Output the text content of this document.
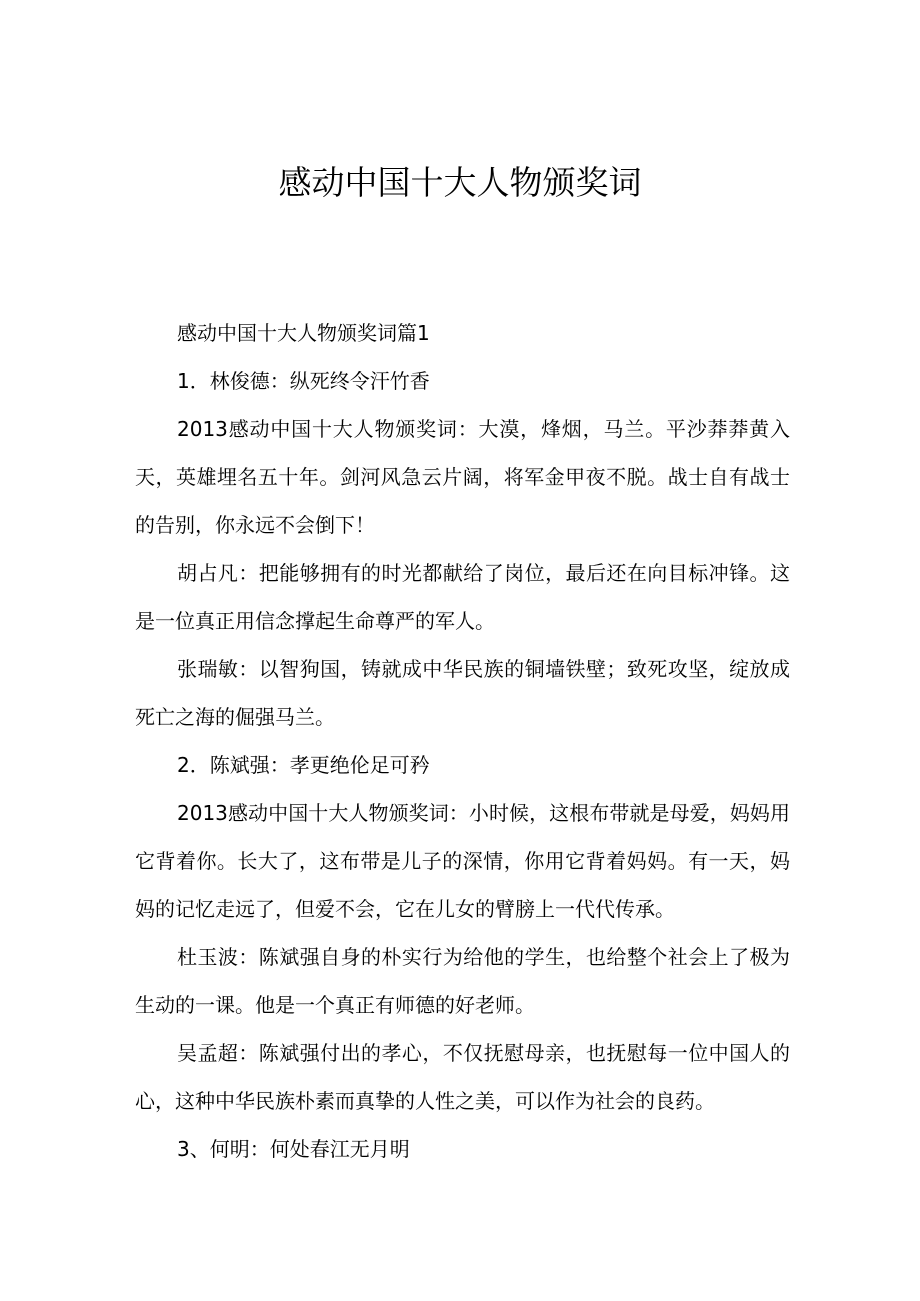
感动中国十大人物颁奖词

感动中国十大人物颁奖词篇1

1．林俊德：纵死终令汗竹香

2013感动中国十大人物颁奖词：大漠，烽烟，马兰。平沙莽莽黄入天，英雄埋名五十年。剑河风急云片阔，将军金甲夜不脱。战士自有战士的告别，你永远不会倒下！

胡占凡：把能够拥有的时光都献给了岗位，最后还在向目标冲锋。这是一位真正用信念撑起生命尊严的军人。

张瑞敏：以智狗国，铸就成中华民族的铜墙铁壁；致死攻坚，绽放成死亡之海的倔强马兰。

2．陈斌强：孝更绝伦足可矜

2013感动中国十大人物颁奖词：小时候，这根布带就是母爱，妈妈用它背着你。长大了，这布带是儿子的深情，你用它背着妈妈。有一天，妈妈的记忆走远了，但爱不会，它在儿女的臂膀上一代代传承。

杜玉波：陈斌强自身的朴实行为给他的学生，也给整个社会上了极为生动的一课。他是一个真正有师德的好老师。

吴孟超：陈斌强付出的孝心，不仅抚慰母亲，也抚慰每一位中国人的心，这种中华民族朴素而真挚的人性之美，可以作为社会的良药。

3、何明：何处春江无月明
